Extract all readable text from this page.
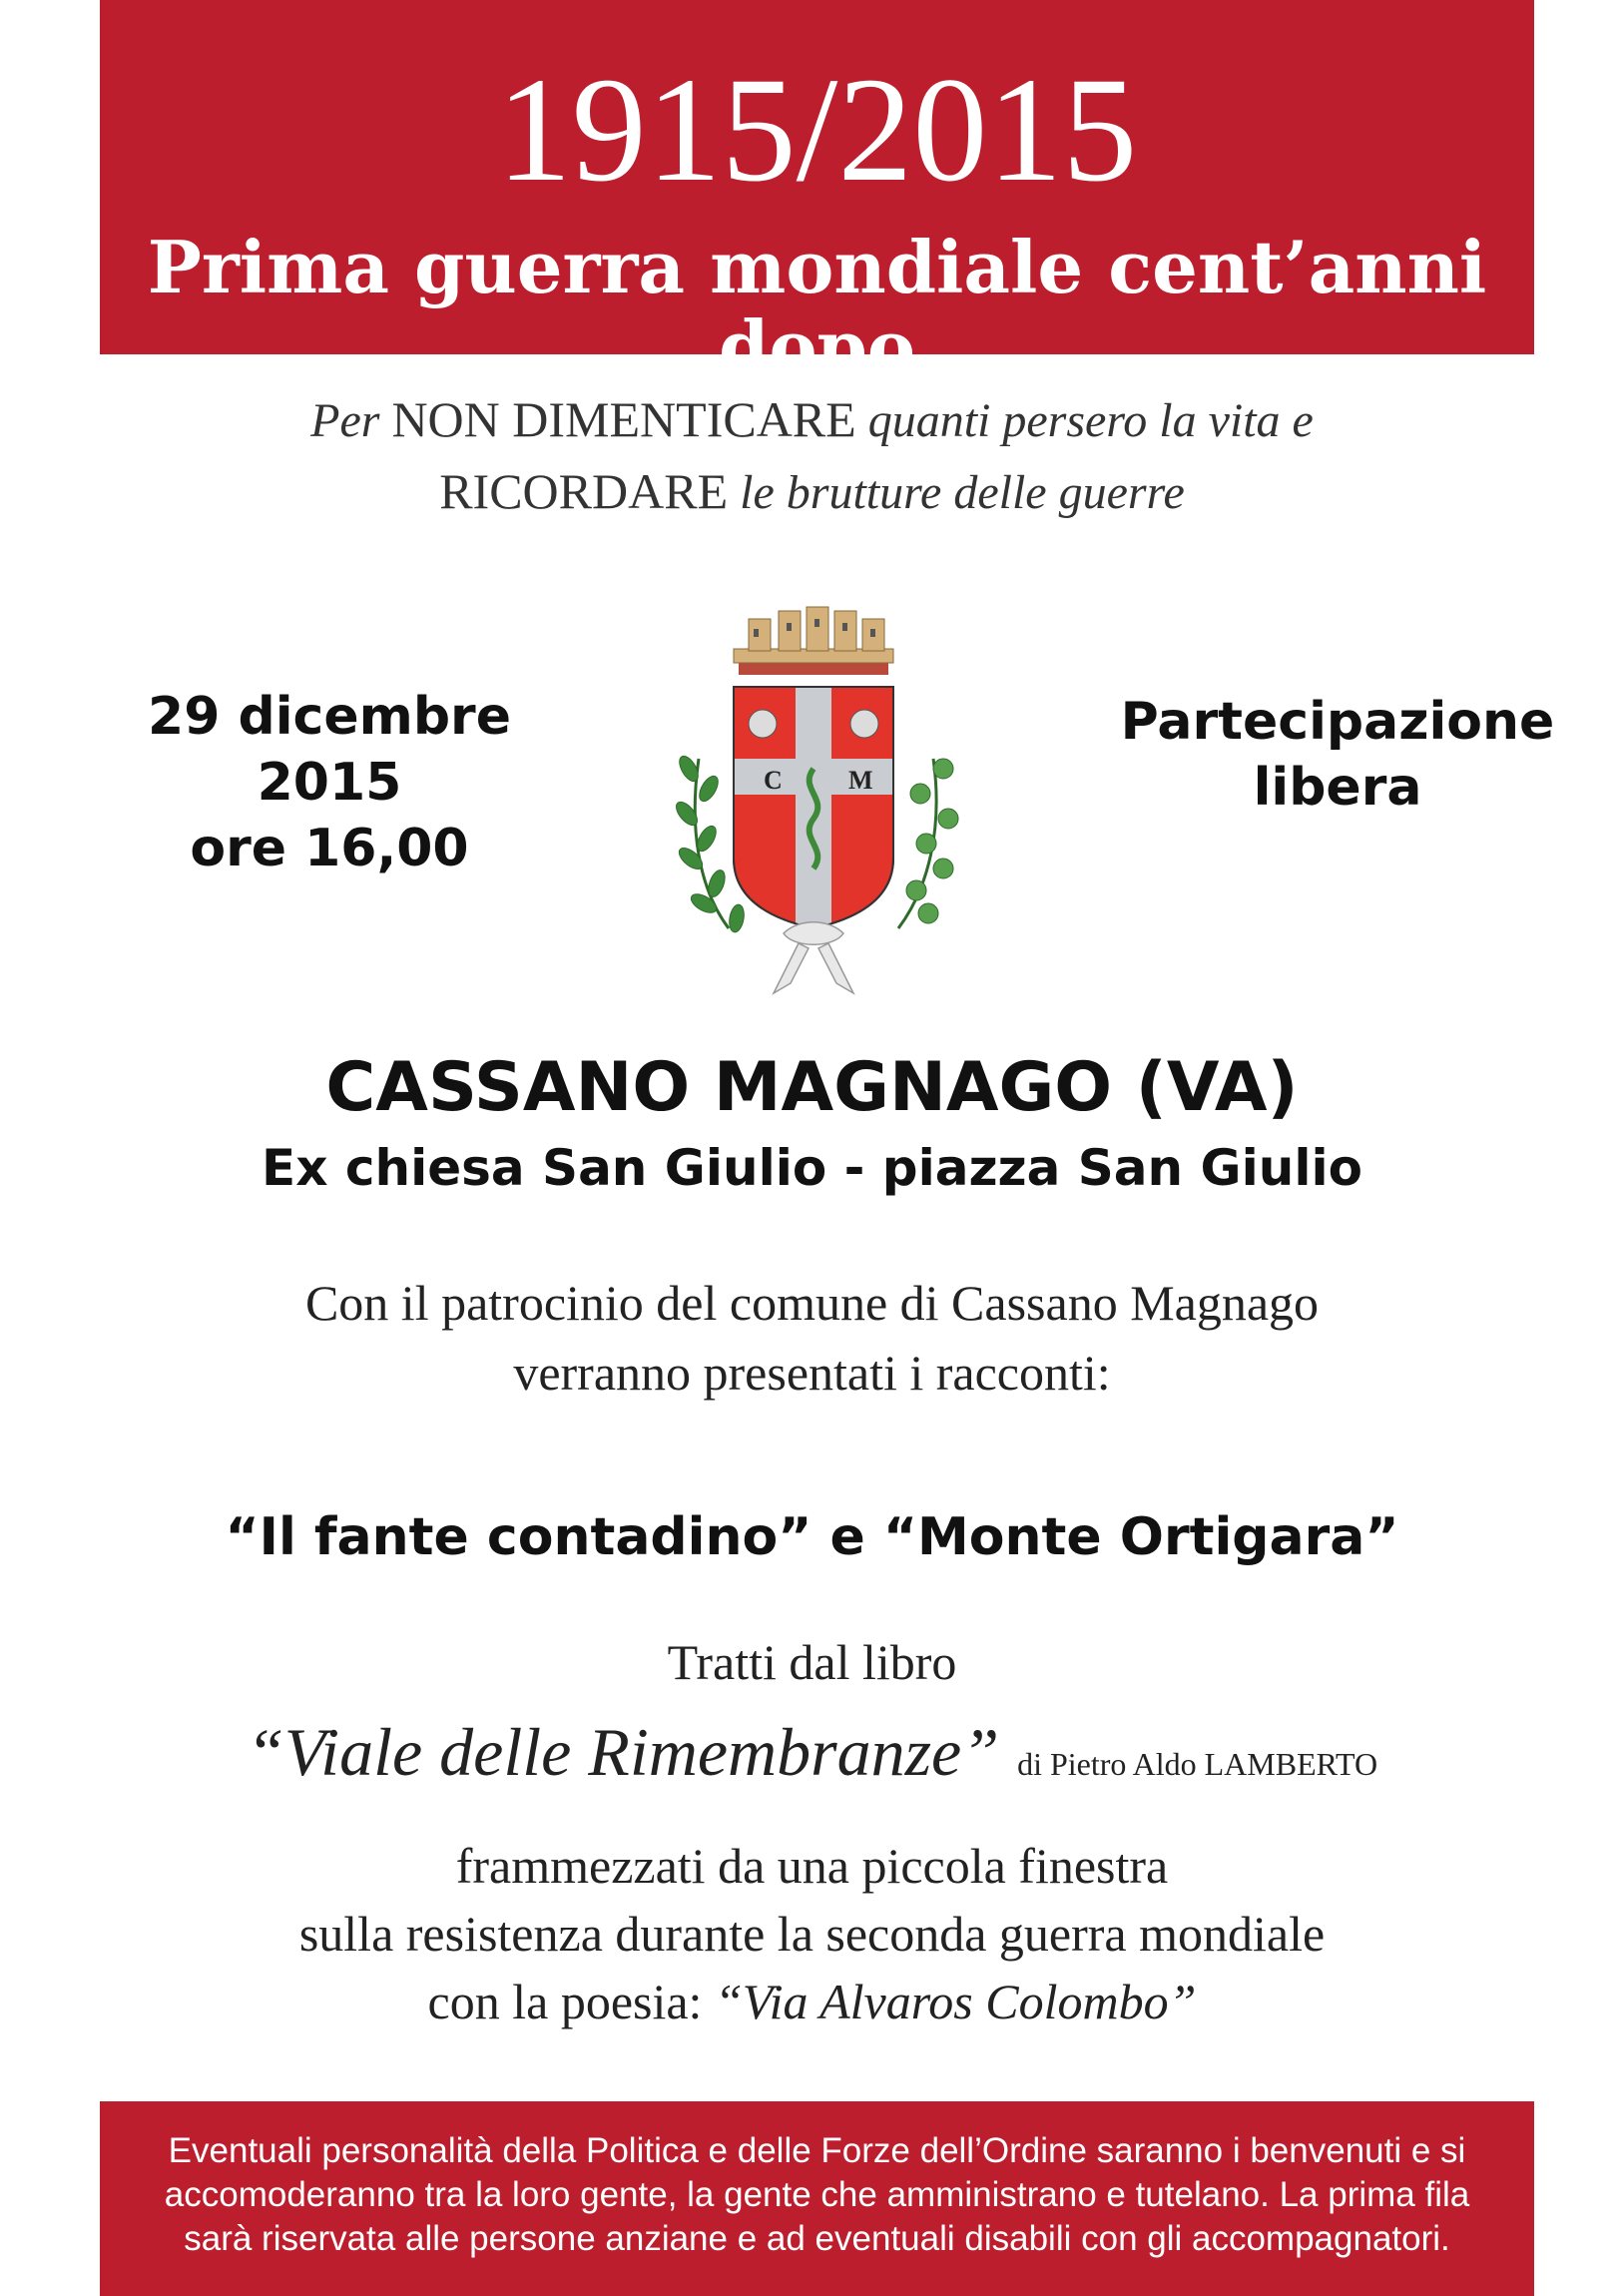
1915/2015
Prima guerra mondiale cent’anni dopo
Per NON DIMENTICARE quanti persero la vita e
RICORDARE le brutture delle guerre
29 dicembre 2015
ore 16,00
Partecipazione
libera
C	M
CASSANO MAGNAGO (VA)
Ex chiesa San Giulio - piazza San Giulio
Con il patrocinio del comune di Cassano Magnago
verranno presentati i racconti:
“Il fante contadino” e “Monte Ortigara”
Tratti dal libro
“Viale delle Rimembranze” di Pietro Aldo LAMBERTO
frammezzati da una piccola finestra
sulla resistenza durante la seconda guerra mondiale
con la poesia: “Via Alvaros Colombo”

Eventuali personalità della Politica e delle Forze dell’Ordine saranno i benvenuti e si accomoderanno tra la loro gente, la gente che amministrano e tutelano. La prima fila sarà riservata alle persone anziane e ad eventuali disabili con gli accompagnatori.
